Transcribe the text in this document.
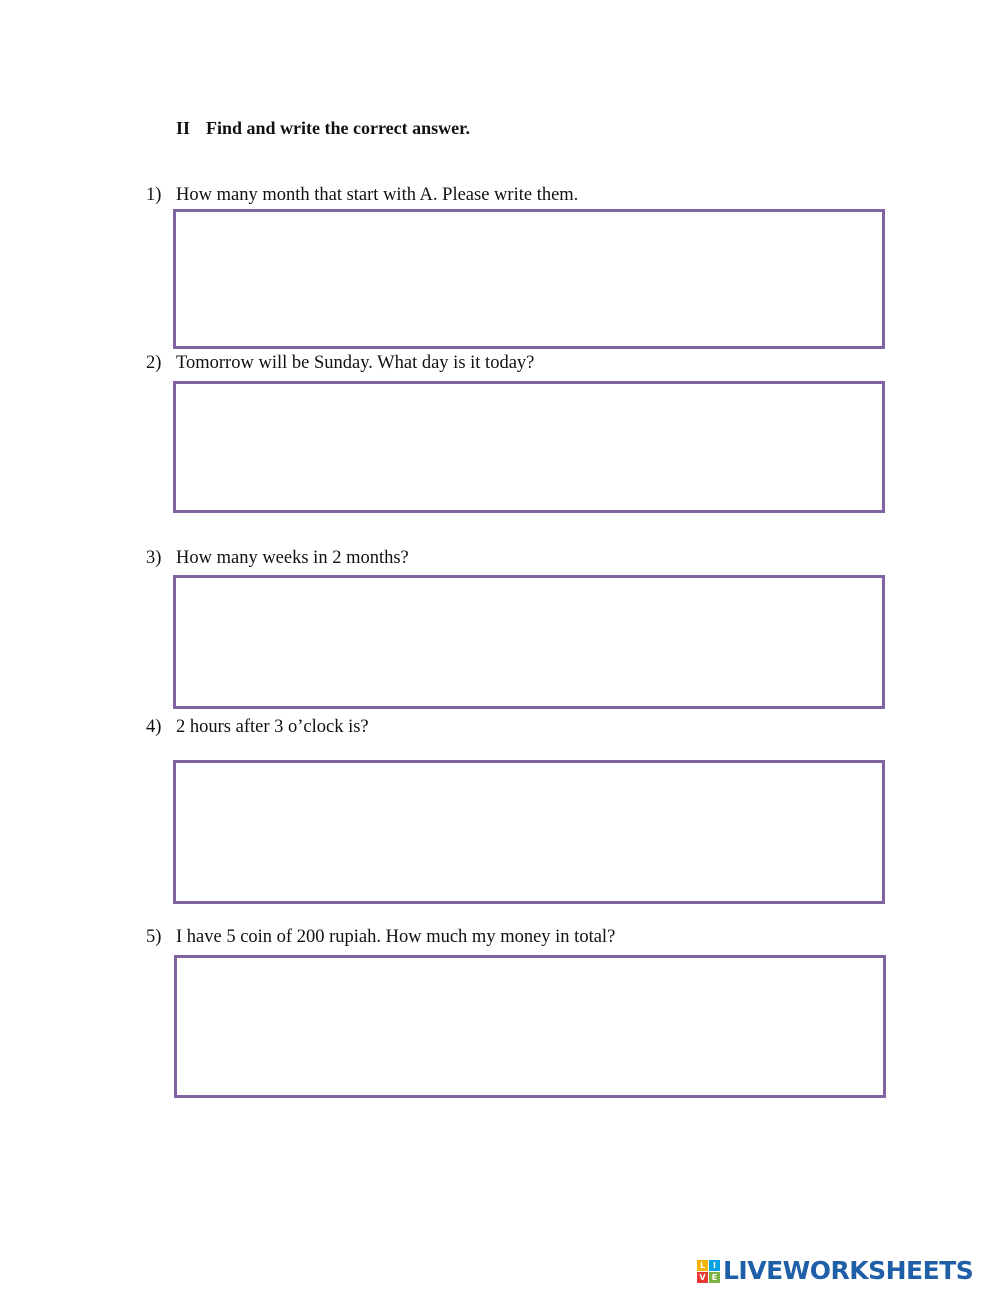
II Find and write the correct answer.
1) How many month that start with A. Please write them.
2) Tomorrow will be Sunday. What day is it today?
3) How many weeks in 2 months?
4) 2 hours after 3 o’clock is?
5) I have 5 coin of 200 rupiah. How much my money in total?
L I
V E LIVEWORKSHEETS
